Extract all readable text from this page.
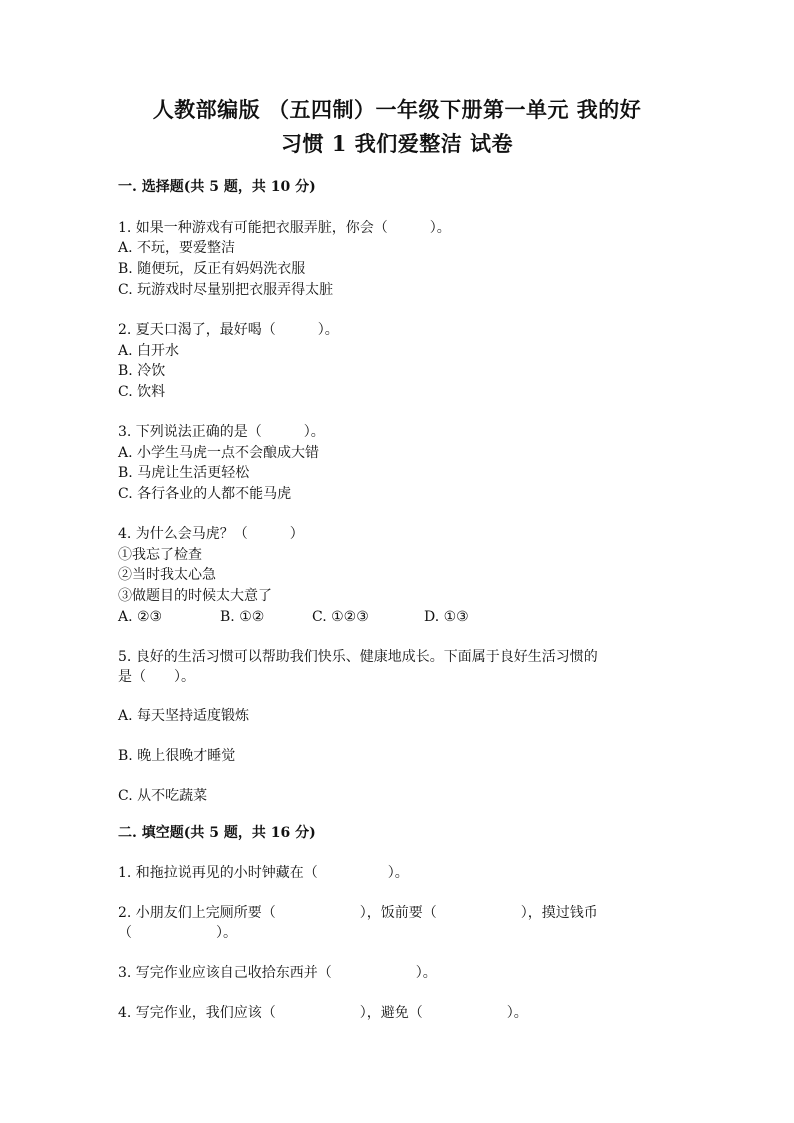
人教部编版 （五四制）一年级下册第一单元 我的好
习惯 1 我们爱整洁 试卷
一. 选择题(共 5 题，共 10 分)
1. 如果一种游戏有可能把衣服弄脏，你会（　　　）。
A. 不玩，要爱整洁
B. 随便玩，反正有妈妈洗衣服
C. 玩游戏时尽量别把衣服弄得太脏
2. 夏天口渴了，最好喝（　　　）。
A. 白开水
B. 冷饮
C. 饮料
3. 下列说法正确的是（　　　）。
A. 小学生马虎一点不会酿成大错
B. 马虎让生活更轻松
C. 各行各业的人都不能马虎
4. 为什么会马虎？（　　　）
①我忘了检查
②当时我太心急
③做题目的时候太大意了
A. ②③	B. ①②	C. ①②③	D. ①③
5. 良好的生活习惯可以帮助我们快乐、健康地成长。下面属于良好生活习惯的
是（　　）。
A. 每天坚持适度锻炼
B. 晚上很晚才睡觉
C. 从不吃蔬菜
二. 填空题(共 5 题，共 16 分)
1. 和拖拉说再见的小时钟藏在（　　　　　）。
2. 小朋友们上完厕所要（　　　　　　），饭前要（　　　　　　），摸过钱币
（　　　　　　）。
3. 写完作业应该自己收拾东西并（　　　　　　）。
4. 写完作业，我们应该（　　　　　　），避免（　　　　　　）。
